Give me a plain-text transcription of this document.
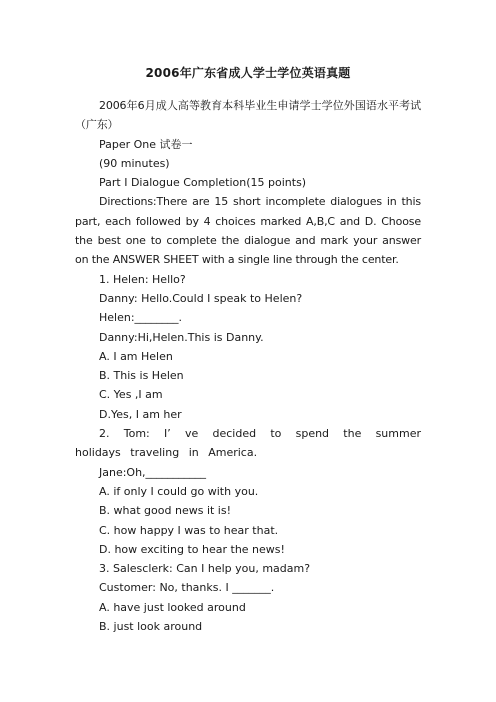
2006年广东省成人学士学位英语真题

2006年6月成人高等教育本科毕业生申请学士学位外国语水平考试（广东）

Paper One 试卷一

(90 minutes)

Part Ⅰ Dialogue Completion(15 points)

Directions:There are 15 short incomplete dialogues in this part, each followed by 4 choices marked A,B,C and D. Choose the best one to complete the dialogue and mark your answer on the ANSWER SHEET with a single line through the center.

1. Helen: Hello?

Danny: Hello.Could I speak to Helen?

Helen:________.

Danny:Hi,Helen.This is Danny.

A. I am Helen

B. This is Helen

C. Yes ,I am

D.Yes, I am her

2. Tom: I’ ve decided to spend the summer holidays traveling in America.

Jane:Oh,___________

A. if only I could go with you.

B. what good news it is!

C. how happy I was to hear that.

D. how exciting to hear the news!

3. Salesclerk: Can I help you, madam?

Customer: No, thanks. I _______.

A. have just looked around

B. just look around
